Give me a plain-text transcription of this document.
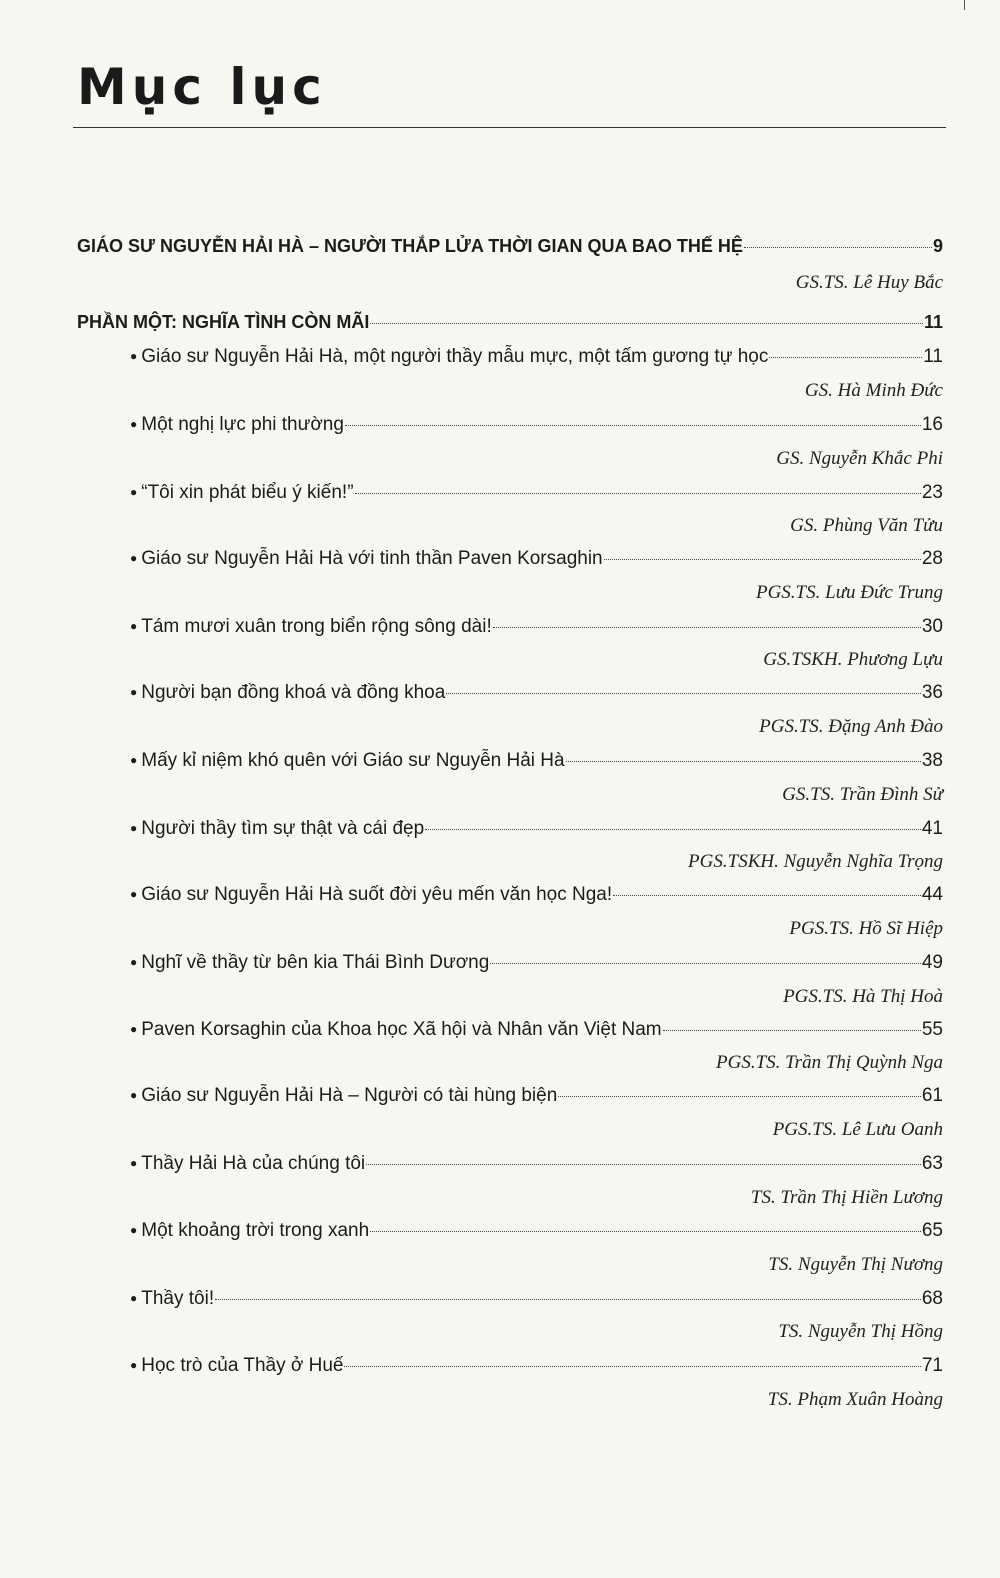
Mục lục
GIÁO SƯ NGUYỄN HẢI HÀ – NGƯỜI THẮP LỬA THỜI GIAN QUA BAO THẾ HỆ	9
GS.TS. Lê Huy Bắc
PHẦN MỘT: NGHĨA TÌNH CÒN MÃI	11
● Giáo sư Nguyễn Hải Hà, một người thầy mẫu mực, một tấm gương tự học	11
GS. Hà Minh Đức
● Một nghị lực phi thường	16
GS. Nguyễn Khắc Phi
● “Tôi xin phát biểu ý kiến!”	23
GS. Phùng Văn Tửu
● Giáo sư Nguyễn Hải Hà với tinh thần Paven Korsaghin	28
PGS.TS. Lưu Đức Trung
● Tám mươi xuân trong biển rộng sông dài!	30
GS.TSKH. Phương Lựu
● Người bạn đồng khoá và đồng khoa	36
PGS.TS. Đặng Anh Đào
● Mấy kỉ niệm khó quên với Giáo sư Nguyễn Hải Hà	38
GS.TS. Trần Đình Sử
● Người thầy tìm sự thật và cái đẹp	41
PGS.TSKH. Nguyễn Nghĩa Trọng
● Giáo sư Nguyễn Hải Hà suốt đời yêu mến văn học Nga!	44
PGS.TS. Hồ Sĩ Hiệp
● Nghĩ về thầy từ bên kia Thái Bình Dương	49
PGS.TS. Hà Thị Hoà
● Paven Korsaghin của Khoa học Xã hội và Nhân văn Việt Nam	55
PGS.TS. Trần Thị Quỳnh Nga
● Giáo sư Nguyễn Hải Hà – Người có tài hùng biện	61
PGS.TS. Lê Lưu Oanh
● Thầy Hải Hà của chúng tôi	63
TS. Trần Thị Hiền Lương
● Một khoảng trời trong xanh	65
TS. Nguyễn Thị Nương
● Thầy tôi!	68
TS. Nguyễn Thị Hồng
● Học trò của Thầy ở Huế	71
TS. Phạm Xuân Hoàng
